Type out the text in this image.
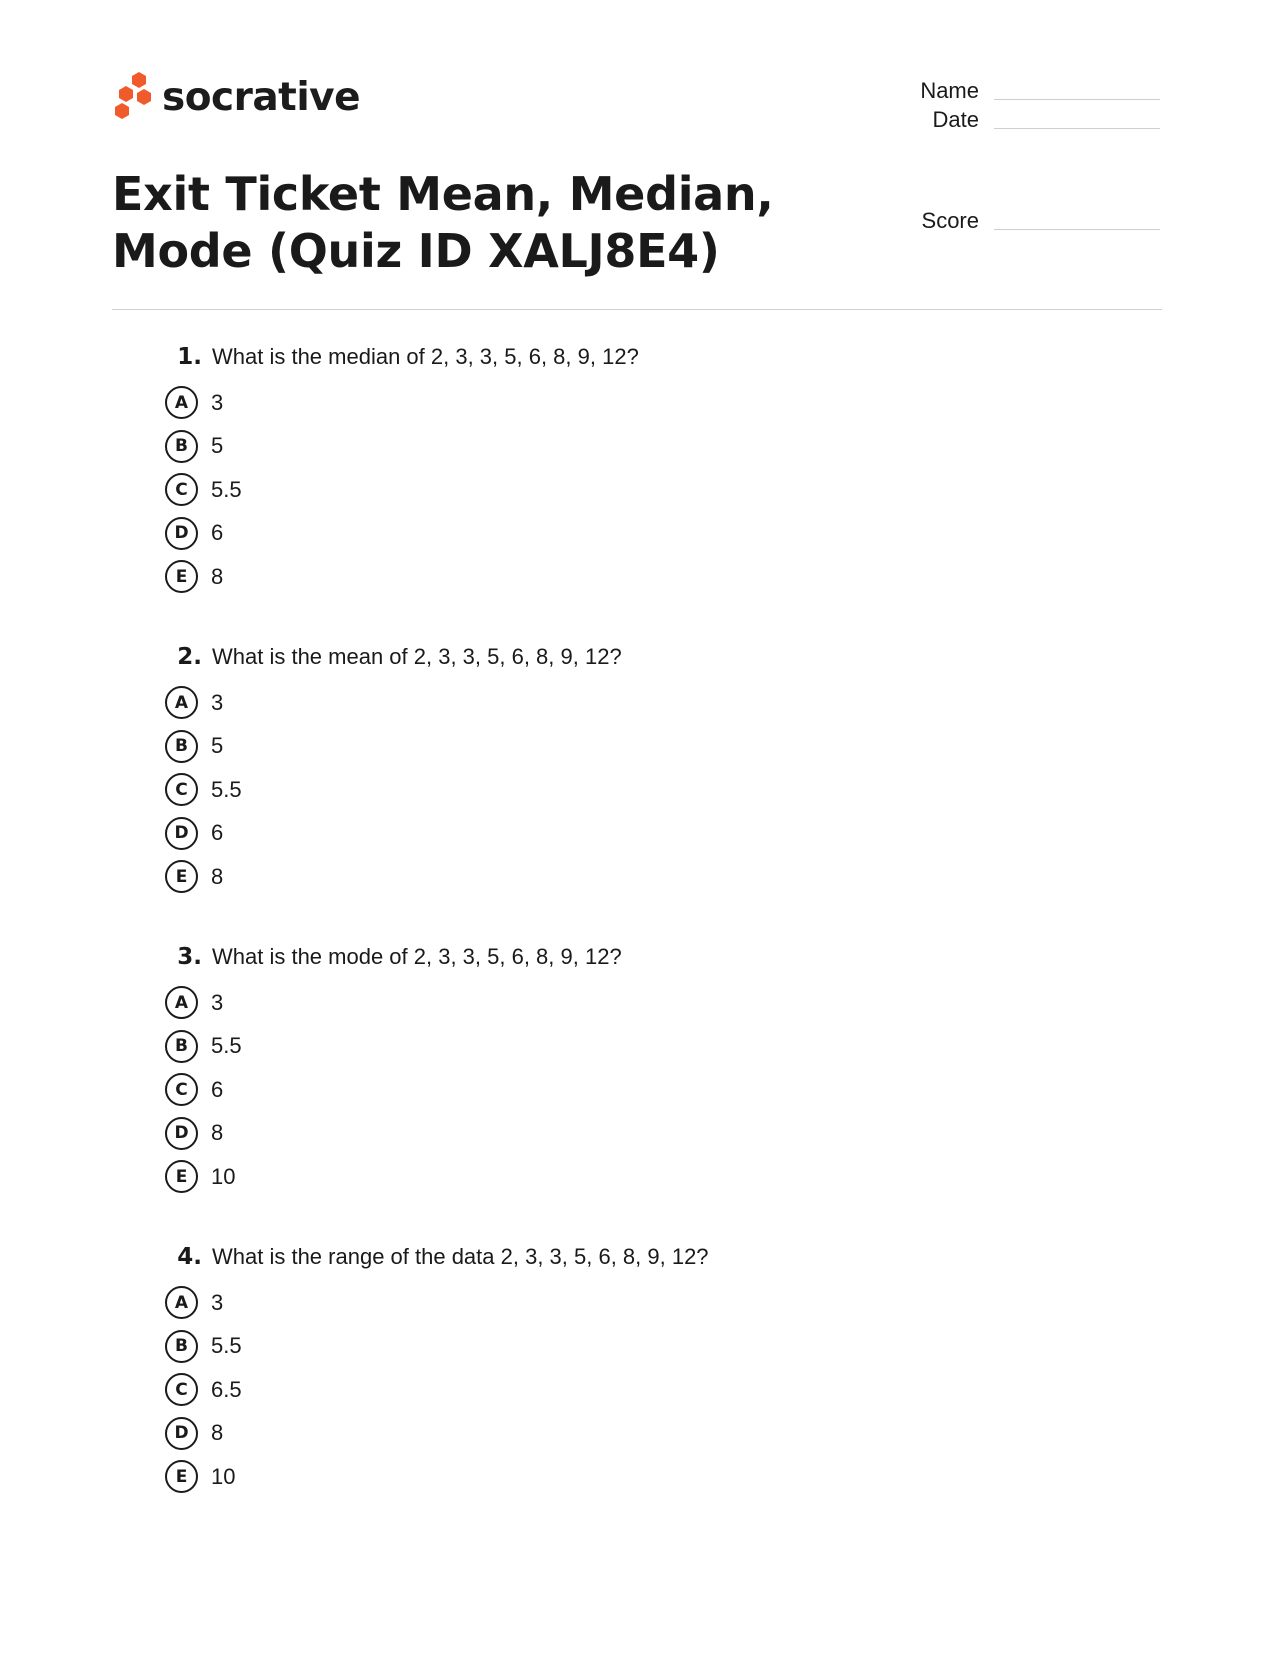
socrative	Name
Date
Score
Exit Ticket Mean, Median, Mode (Quiz ID XALJ8E4)
1. What is the median of 2, 3, 3, 5, 6, 8, 9, 12?
A	3
B	5
C	5.5
D	6
E	8
2. What is the mean of 2, 3, 3, 5, 6, 8, 9, 12?
A	3
B	5
C	5.5
D	6
E	8
3. What is the mode of 2, 3, 3, 5, 6, 8, 9, 12?
A	3
B	5.5
C	6
D	8
E	10
4. What is the range of the data 2, 3, 3, 5, 6, 8, 9, 12?
A	3
B	5.5
C	6.5
D	8
E	10
